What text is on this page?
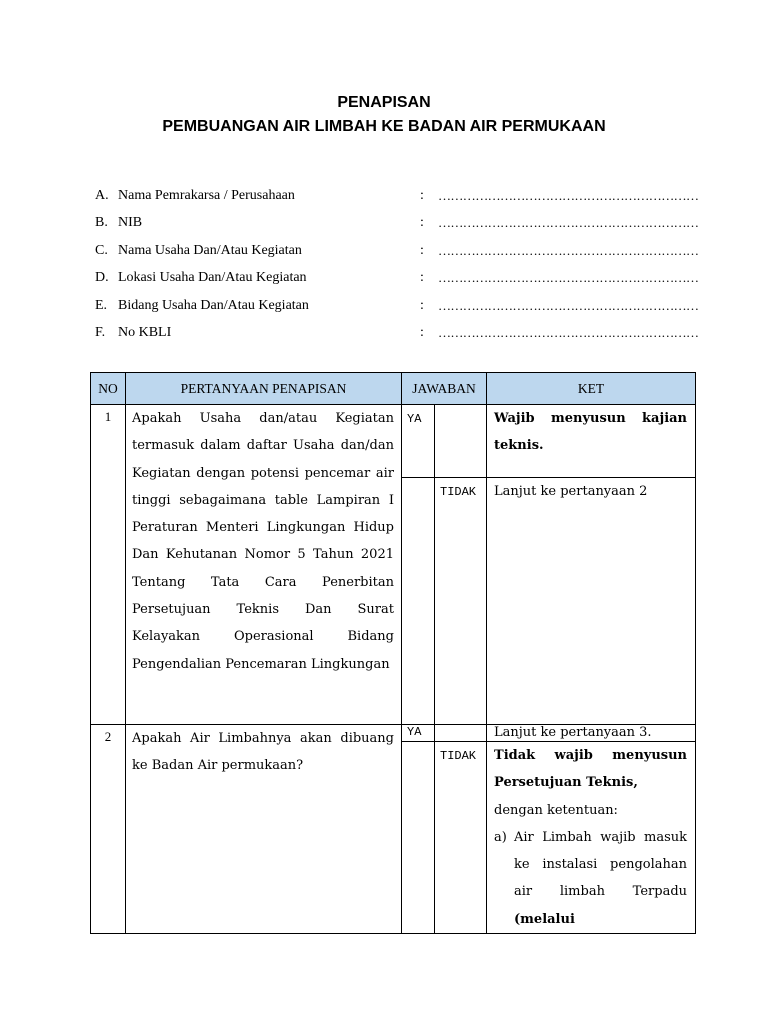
PENAPISAN
PEMBUANGAN AIR LIMBAH KE BADAN AIR PERMUKAAN
A. Nama Pemrakarsa / Perusahaan	: ………………………………………………………
B. NIB	: ………………………………………………………
C. Nama Usaha Dan/Atau Kegiatan	: ………………………………………………………
D. Lokasi Usaha Dan/Atau Kegiatan	: ………………………………………………………
E. Bidang Usaha Dan/Atau Kegiatan	: ………………………………………………………
F. No KBLI	: ………………………………………………………
NO	PERTANYAAN PENAPISAN	JAWABAN		KET
1	Apakah Usaha dan/atau Kegiatan termasuk dalam daftar Usaha dan/dan Kegiatan dengan potensi pencemar air tinggi sebagaimana table Lampiran I Peraturan Menteri Lingkungan Hidup Dan Kehutanan Nomor 5 Tahun 2021 Tentang Tata Cara Penerbitan Persetujuan Teknis Dan Surat Kelayakan Operasional Bidang Pengendalian Pencemaran Lingkungan	YA		Wajib menyusun kajian teknis.
			TIDAK	Lanjut ke pertanyaan 2
2	Apakah Air Limbahnya akan dibuang ke Badan Air permukaan?	YA		Lanjut ke pertanyaan 3.
			TIDAK	Tidak wajib menyusun Persetujuan Teknis,
dengan ketentuan:
a) Air Limbah wajib masuk ke instalasi pengolahan air limbah Terpadu (melalui
